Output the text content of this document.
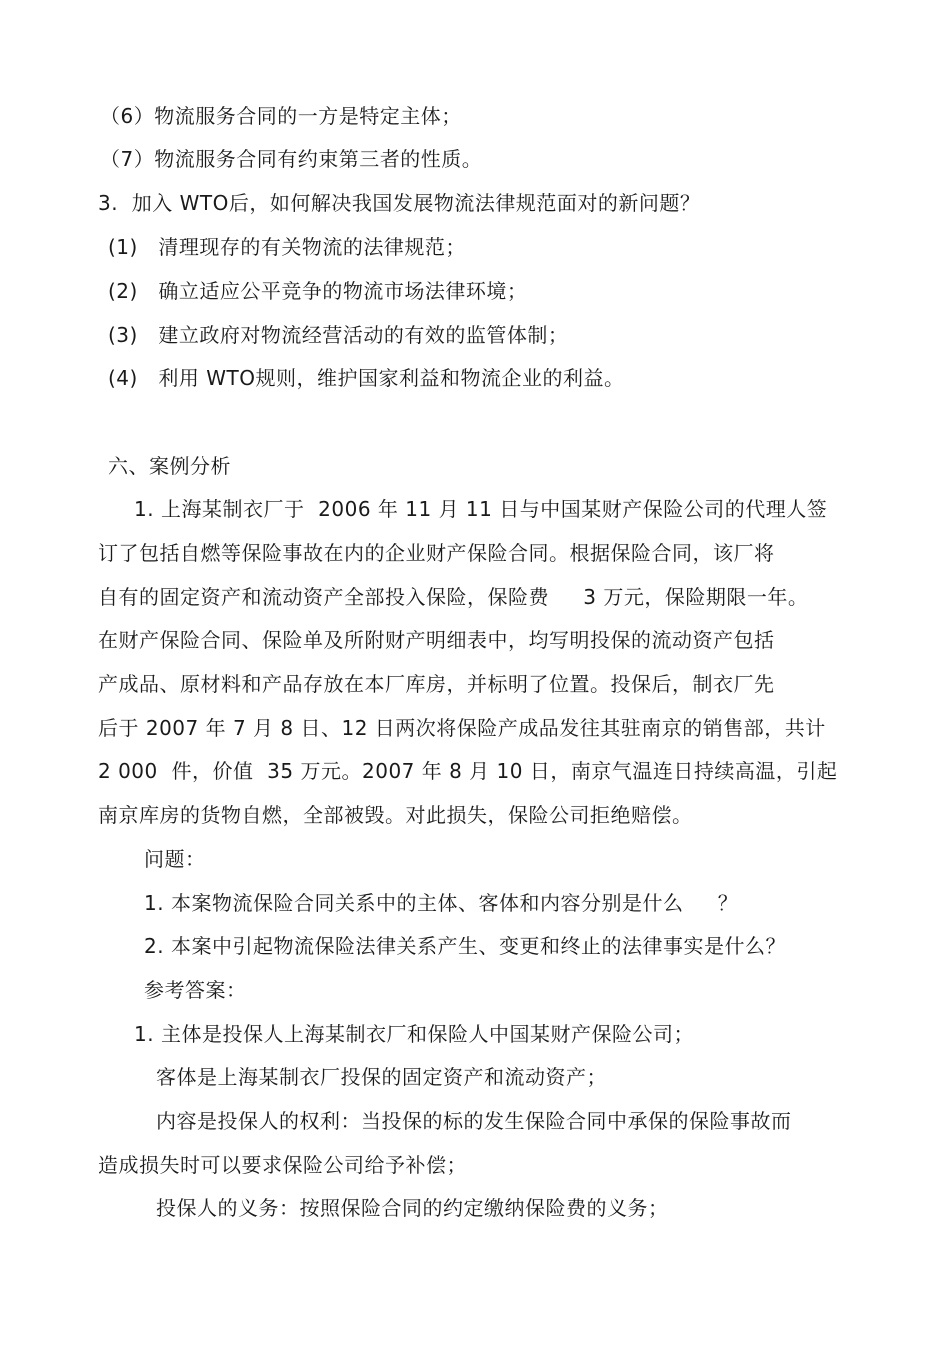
（6）物流服务合同的一方是特定主体；
（7）物流服务合同有约束第三者的性质。
3.  加入 WTO后，如何解决我国发展物流法律规范面对的新问题？
(1)   清理现存的有关物流的法律规范；
(2)   确立适应公平竞争的物流市场法律环境；
(3)   建立政府对物流经营活动的有效的监管体制；
(4)   利用 WTO规则，维护国家利益和物流企业的利益。
六、案例分析
1. 上海某制衣厂于  2006 年 11 月 11 日与中国某财产保险公司的代理人签
订了包括自燃等保险事故在内的企业财产保险合同。根据保险合同，该厂将
自有的固定资产和流动资产全部投入保险，保险费     3 万元，保险期限一年。
在财产保险合同、保险单及所附财产明细表中，均写明投保的流动资产包括
产成品、原材料和产品存放在本厂库房，并标明了位置。投保后，制衣厂先
后于 2007 年 7 月 8 日、12 日两次将保险产成品发往其驻南京的销售部，共计
2 000  件，价值  35 万元。2007 年 8 月 10 日，南京气温连日持续高温，引起
南京库房的货物自燃，全部被毁。对此损失，保险公司拒绝赔偿。
问题：
1. 本案物流保险合同关系中的主体、客体和内容分别是什么     ？
2. 本案中引起物流保险法律关系产生、变更和终止的法律事实是什么？
参考答案：
1. 主体是投保人上海某制衣厂和保险人中国某财产保险公司；
客体是上海某制衣厂投保的固定资产和流动资产；
内容是投保人的权利：当投保的标的发生保险合同中承保的保险事故而
造成损失时可以要求保险公司给予补偿；
投保人的义务：按照保险合同的约定缴纳保险费的义务；
